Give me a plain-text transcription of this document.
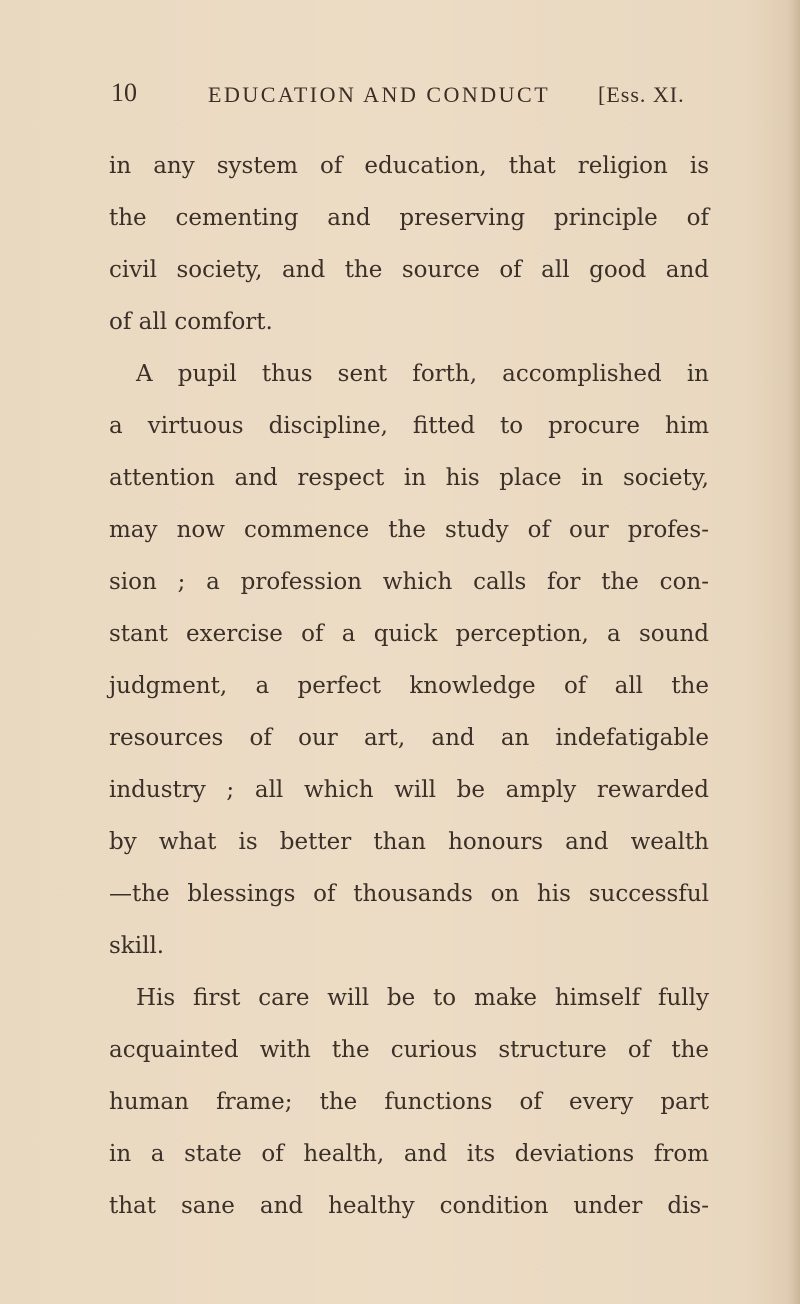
10	EDUCATION AND CONDUCT [Ess. XI.
in any system of education, that religion is
the cementing and preserving principle of
civil society, and the source of all good and
of all comfort.
A pupil thus sent forth, accomplished in
a virtuous discipline, fitted to procure him
attention and respect in his place in society,
may now commence the study of our profes-
sion ; a profession which calls for the con-
stant exercise of a quick perception, a sound
judgment, a perfect knowledge of all the
resources of our art, and an indefatigable
industry ; all which will be amply rewarded
by what is better than honours and wealth
—the blessings of thousands on his successful
skill.
His first care will be to make himself fully
acquainted with the curious structure of the
human frame; the functions of every part
in a state of health, and its deviations from
that sane and healthy condition under dis-
